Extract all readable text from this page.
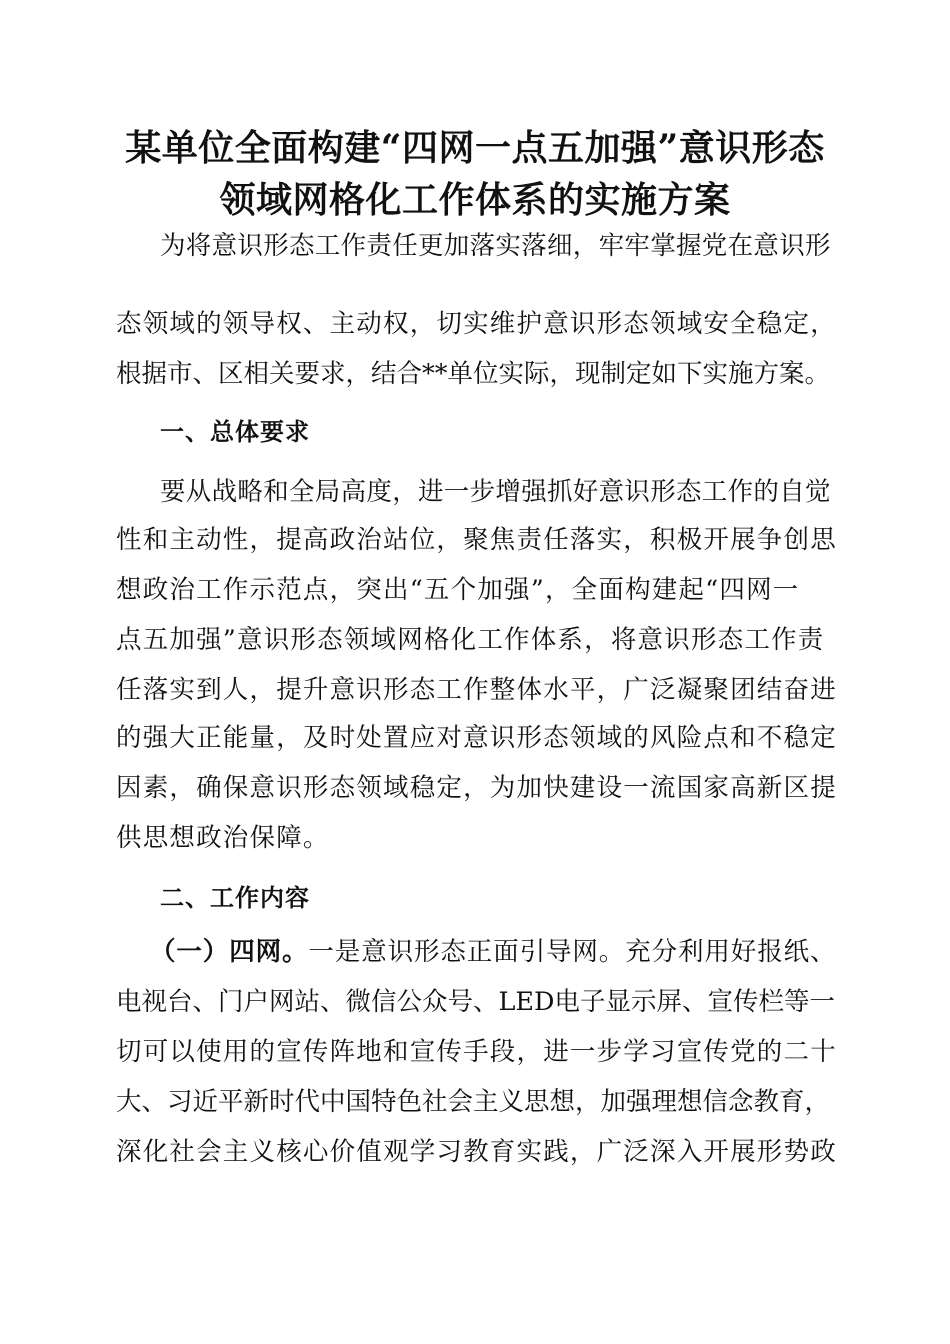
某单位全面构建“四网一点五加强”意识形态
领域网格化工作体系的实施方案
为将意识形态工作责任更加落实落细，牢牢掌握党在意识形
态领域的领导权、主动权，切实维护意识形态领域安全稳定，
根据市、区相关要求，结合**单位实际，现制定如下实施方案。
一、总体要求
要从战略和全局高度，进一步增强抓好意识形态工作的自觉
性和主动性，提高政治站位，聚焦责任落实，积极开展争创思
想政治工作示范点，突出“五个加强”，全面构建起“四网一
点五加强”意识形态领域网格化工作体系，将意识形态工作责
任落实到人，提升意识形态工作整体水平，广泛凝聚团结奋进
的强大正能量，及时处置应对意识形态领域的风险点和不稳定
因素，确保意识形态领域稳定，为加快建设一流国家高新区提
供思想政治保障。
二、工作内容
（一）四网。一是意识形态正面引导网。充分利用好报纸、
电视台、门户网站、微信公众号、LED电子显示屏、宣传栏等一
切可以使用的宣传阵地和宣传手段，进一步学习宣传党的二十
大、习近平新时代中国特色社会主义思想，加强理想信念教育，
深化社会主义核心价值观学习教育实践，广泛深入开展形势政
